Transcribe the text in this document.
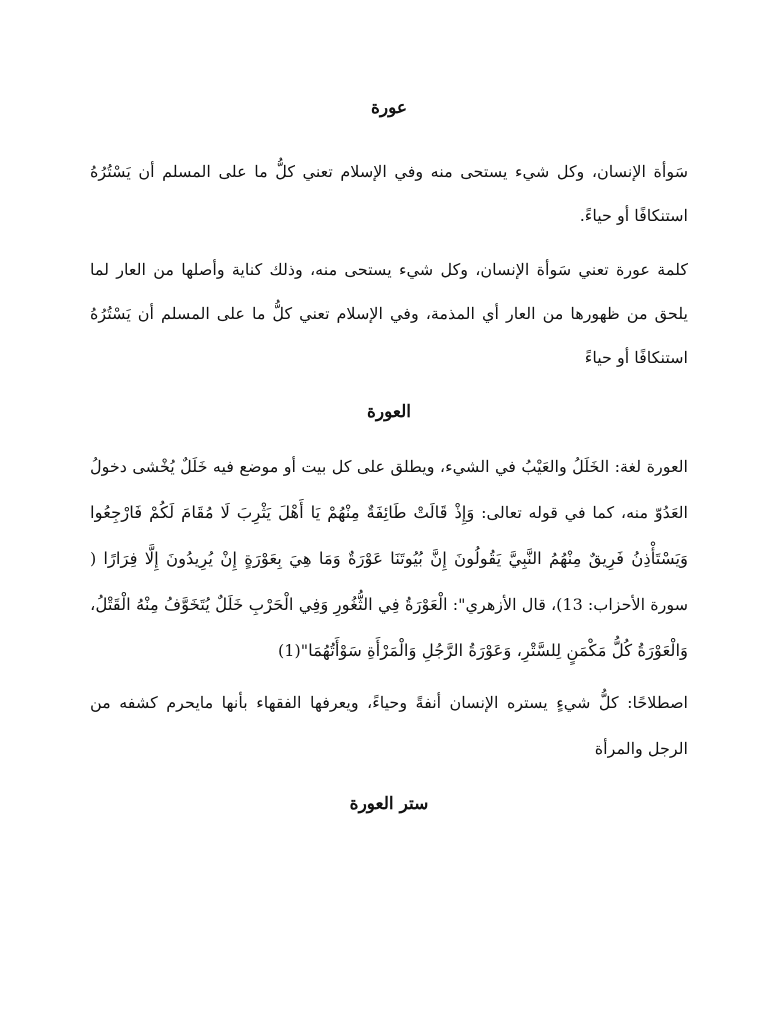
عورة

سَوأة الإنسان، وكل شيء يستحى منه وفي الإسلام تعني كلُّ ما على المسلم أن يَسْتُرُهُ استنكافًا أو حياءً.

كلمة عورة تعني سَوأة الإنسان، وكل شيء يستحى منه، وذلك كناية وأصلها من العار لما يلحق من ظهورها من العار أي المذمة، وفي الإسلام تعني كلُّ ما على المسلم أن يَسْتُرُهُ استنكافًا أو حياءً

العورة

العورة لغة: الخَلَلُ والعَيْبُ في الشيء، ويطلق على كل بيت أو موضع فيه خَلَلٌ يُخْشى دخولُ العَدُوّ منه، كما في قوله تعالى: وَإِذْ قَالَتْ طَائِفَةٌ مِنْهُمْ يَا أَهْلَ يَثْرِبَ لَا مُقَامَ لَكُمْ فَارْجِعُوا وَيَسْتَأْذِنُ فَرِيقٌ مِنْهُمُ النَّبِيَّ يَقُولُونَ إِنَّ بُيُوتَنَا عَوْرَةٌ وَمَا هِيَ بِعَوْرَةٍ إِنْ يُرِيدُونَ إِلَّا فِرَارًا ( سورة الأحزاب: 13)، قال الأزهري": الْعَوْرَةُ فِي الثُّغُورِ وَفِي الْحَرْبِ خَلَلٌ يُتَخَوَّفُ مِنْهُ الْقَتْلُ، وَالْعَوْرَةُ كُلُّ مَكْمَنٍ لِلسَّتْرِ، وَعَوْرَةُ الرَّجُلِ وَالْمَرْأَةِ سَوْأَتُهُمَا"(1)

اصطلاحًا: كلُّ شيءٍ يستره الإنسان أنفةً وحياءً، ويعرفها الفقهاء بأنها مايحرم كشفه من الرجل والمرأة

ستر العورة
